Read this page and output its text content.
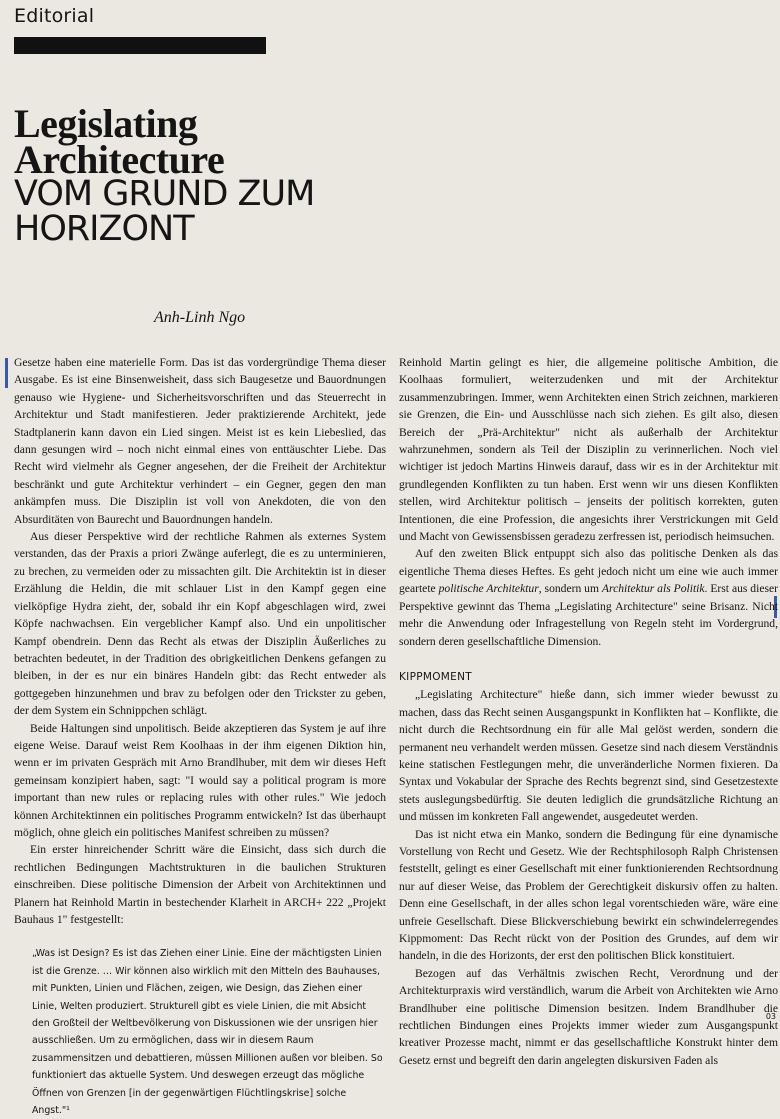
Editorial
Legislating
Architecture
VOM GRUND ZUM
HORIZONT
Anh-Linh Ngo

Gesetze haben eine materielle Form. Das ist das vordergründige Thema dieser Ausgabe. Es ist eine Binsenweisheit, dass sich Baugesetze und Bauordnungen genauso wie Hygiene- und Sicherheitsvorschriften und das Steuerrecht in Architektur und Stadt manifestieren. Jeder praktizierende Architekt, jede Stadtplanerin kann davon ein Lied singen. Meist ist es kein Liebeslied, das dann gesungen wird – noch nicht einmal eines von enttäuschter Liebe. Das Recht wird vielmehr als Gegner angesehen, der die Freiheit der Architektur beschränkt und gute Architektur verhindert – ein Gegner, gegen den man ankämpfen muss. Die Disziplin ist voll von Anekdoten, die von den Absurditäten von Baurecht und Bauordnungen handeln.

Aus dieser Perspektive wird der rechtliche Rahmen als externes System verstanden, das der Praxis a priori Zwänge auferlegt, die es zu unterminieren, zu brechen, zu vermeiden oder zu missachten gilt. Die Architektin ist in dieser Erzählung die Heldin, die mit schlauer List in den Kampf gegen eine vielköpfige Hydra zieht, der, sobald ihr ein Kopf abgeschlagen wird, zwei Köpfe nachwachsen. Ein vergeblicher Kampf also. Und ein unpolitischer Kampf obendrein. Denn das Recht als etwas der Disziplin Äußerliches zu betrachten bedeutet, in der Tradition des obrigkeitlichen Denkens gefangen zu bleiben, in der es nur ein binäres Handeln gibt: das Recht entweder als gottgegeben hinzunehmen und brav zu befolgen oder den Trickster zu geben, der dem System ein Schnippchen schlägt.

Beide Haltungen sind unpolitisch. Beide akzeptieren das System je auf ihre eigene Weise. Darauf weist Rem Koolhaas in der ihm eigenen Diktion hin, wenn er im privaten Gespräch mit Arno Brandlhuber, mit dem wir dieses Heft gemeinsam konzipiert haben, sagt: "I would say a political program is more important than new rules or replacing rules with other rules." Wie jedoch können Architektinnen ein politisches Programm entwickeln? Ist das überhaupt möglich, ohne gleich ein politisches Manifest schreiben zu müssen?

Ein erster hinreichender Schritt wäre die Einsicht, dass sich durch die rechtlichen Bedingungen Machtstrukturen in die baulichen Strukturen einschreiben. Diese politische Dimension der Arbeit von Architektinnen und Planern hat Reinhold Martin in bestechender Klarheit in ARCH+ 222 „Projekt Bauhaus 1" festgestellt:

„Was ist Design? Es ist das Ziehen einer Linie. Eine der mächtigsten Linien ist die Grenze. … Wir können also wirklich mit den Mitteln des Bauhauses, mit Punkten, Linien und Flächen, zeigen, wie Design, das Ziehen einer Linie, Welten produziert. Strukturell gibt es viele Linien, die mit Absicht den Großteil der Weltbevölkerung von Diskussionen wie der unsrigen hier ausschließen. Um zu ermöglichen, dass wir in diesem Raum zusammensitzen und debattieren, müssen Millionen außen vor bleiben. So funktioniert das aktuelle System. Und deswegen erzeugt das mögliche Öffnen von Grenzen [in der gegenwärtigen Flüchtlingskrise] solche Angst."¹

Reinhold Martin gelingt es hier, die allgemeine politische Ambition, die Koolhaas formuliert, weiterzudenken und mit der Architektur zusammenzubringen. Immer, wenn Architekten einen Strich zeichnen, markieren sie Grenzen, die Ein- und Ausschlüsse nach sich ziehen. Es gilt also, diesen Bereich der „Prä-Architektur" nicht als außerhalb der Architektur wahrzunehmen, sondern als Teil der Disziplin zu verinnerlichen. Noch viel wichtiger ist jedoch Martins Hinweis darauf, dass wir es in der Architektur mit grundlegenden Konflikten zu tun haben. Erst wenn wir uns diesen Konflikten stellen, wird Architektur politisch – jenseits der politisch korrekten, guten Intentionen, die eine Profession, die angesichts ihrer Verstrickungen mit Geld und Macht von Gewissensbissen geradezu zerfressen ist, periodisch heimsuchen.

Auf den zweiten Blick entpuppt sich also das politische Denken als das eigentliche Thema dieses Heftes. Es geht jedoch nicht um eine wie auch immer geartete politische Architektur, sondern um Architektur als Politik. Erst aus dieser Perspektive gewinnt das Thema „Legislating Architecture" seine Brisanz. Nicht mehr die Anwendung oder Infragestellung von Regeln steht im Vordergrund, sondern deren gesellschaftliche Dimension.

KIPPMOMENT

„Legislating Architecture" hieße dann, sich immer wieder bewusst zu machen, dass das Recht seinen Ausgangspunkt in Konflikten hat – Konflikte, die nicht durch die Rechtsordnung ein für alle Mal gelöst werden, sondern die permanent neu verhandelt werden müssen. Gesetze sind nach diesem Verständnis keine statischen Festlegungen mehr, die unveränderliche Normen fixieren. Da Syntax und Vokabular der Sprache des Rechts begrenzt sind, sind Gesetzestexte stets auslegungsbedürftig. Sie deuten lediglich die grundsätzliche Richtung an und müssen im konkreten Fall angewendet, ausgedeutet werden.

Das ist nicht etwa ein Manko, sondern die Bedingung für eine dynamische Vorstellung von Recht und Gesetz. Wie der Rechtsphilosoph Ralph Christensen feststellt, gelingt es einer Gesellschaft mit einer funktionierenden Rechtsordnung nur auf dieser Weise, das Problem der Gerechtigkeit diskursiv offen zu halten. Denn eine Gesellschaft, in der alles schon legal vorentschieden wäre, wäre eine unfreie Gesellschaft. Diese Blickverschiebung bewirkt ein schwindelerregendes Kippmoment: Das Recht rückt von der Position des Grundes, auf dem wir handeln, in die des Horizonts, der erst den politischen Blick konstituiert.

Bezogen auf das Verhältnis zwischen Recht, Verordnung und der Architekturpraxis wird verständlich, warum die Arbeit von Architekten wie Arno Brandlhuber eine politische Dimension besitzen. Indem Brandlhuber die rechtlichen Bindungen eines Projekts immer wieder zum Ausgangspunkt kreativer Prozesse macht, nimmt er das gesellschaftliche Konstrukt hinter dem Gesetz ernst und begreift den darin angelegten diskursiven Faden als

03
